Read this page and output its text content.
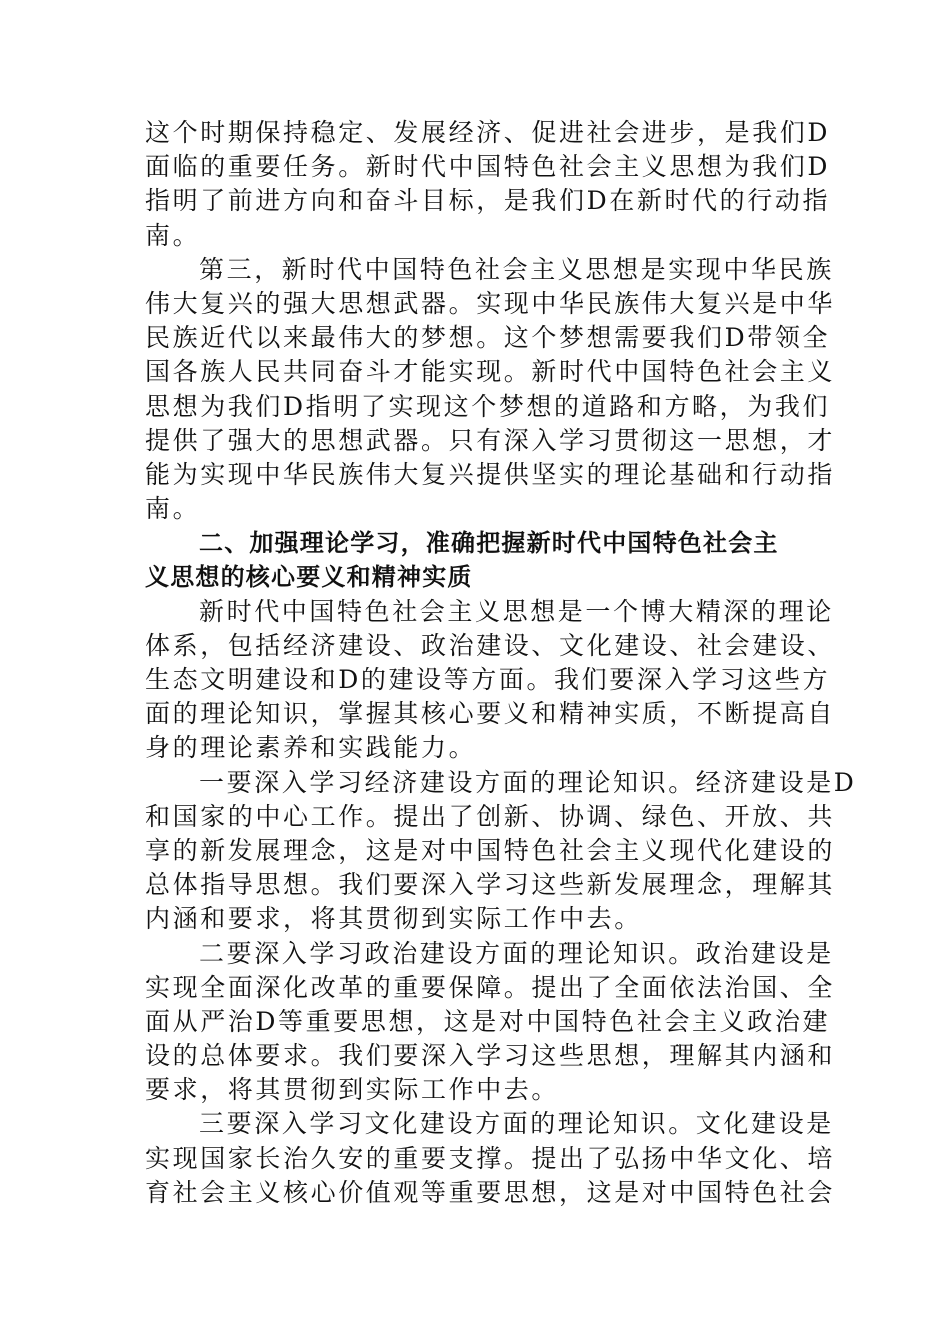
这个时期保持稳定、发展经济、促进社会进步，是我们D
面临的重要任务。新时代中国特色社会主义思想为我们D
指明了前进方向和奋斗目标，是我们D在新时代的行动指
南。
第三，新时代中国特色社会主义思想是实现中华民族
伟大复兴的强大思想武器。实现中华民族伟大复兴是中华
民族近代以来最伟大的梦想。这个梦想需要我们D带领全
国各族人民共同奋斗才能实现。新时代中国特色社会主义
思想为我们D指明了实现这个梦想的道路和方略，为我们
提供了强大的思想武器。只有深入学习贯彻这一思想，才
能为实现中华民族伟大复兴提供坚实的理论基础和行动指
南。
二、加强理论学习，准确把握新时代中国特色社会主
义思想的核心要义和精神实质
新时代中国特色社会主义思想是一个博大精深的理论
体系，包括经济建设、政治建设、文化建设、社会建设、
生态文明建设和D的建设等方面。我们要深入学习这些方
面的理论知识，掌握其核心要义和精神实质，不断提高自
身的理论素养和实践能力。
一要深入学习经济建设方面的理论知识。经济建设是D
和国家的中心工作。提出了创新、协调、绿色、开放、共
享的新发展理念，这是对中国特色社会主义现代化建设的
总体指导思想。我们要深入学习这些新发展理念，理解其
内涵和要求，将其贯彻到实际工作中去。
二要深入学习政治建设方面的理论知识。政治建设是
实现全面深化改革的重要保障。提出了全面依法治国、全
面从严治D等重要思想，这是对中国特色社会主义政治建
设的总体要求。我们要深入学习这些思想，理解其内涵和
要求，将其贯彻到实际工作中去。
三要深入学习文化建设方面的理论知识。文化建设是
实现国家长治久安的重要支撑。提出了弘扬中华文化、培
育社会主义核心价值观等重要思想，这是对中国特色社会
